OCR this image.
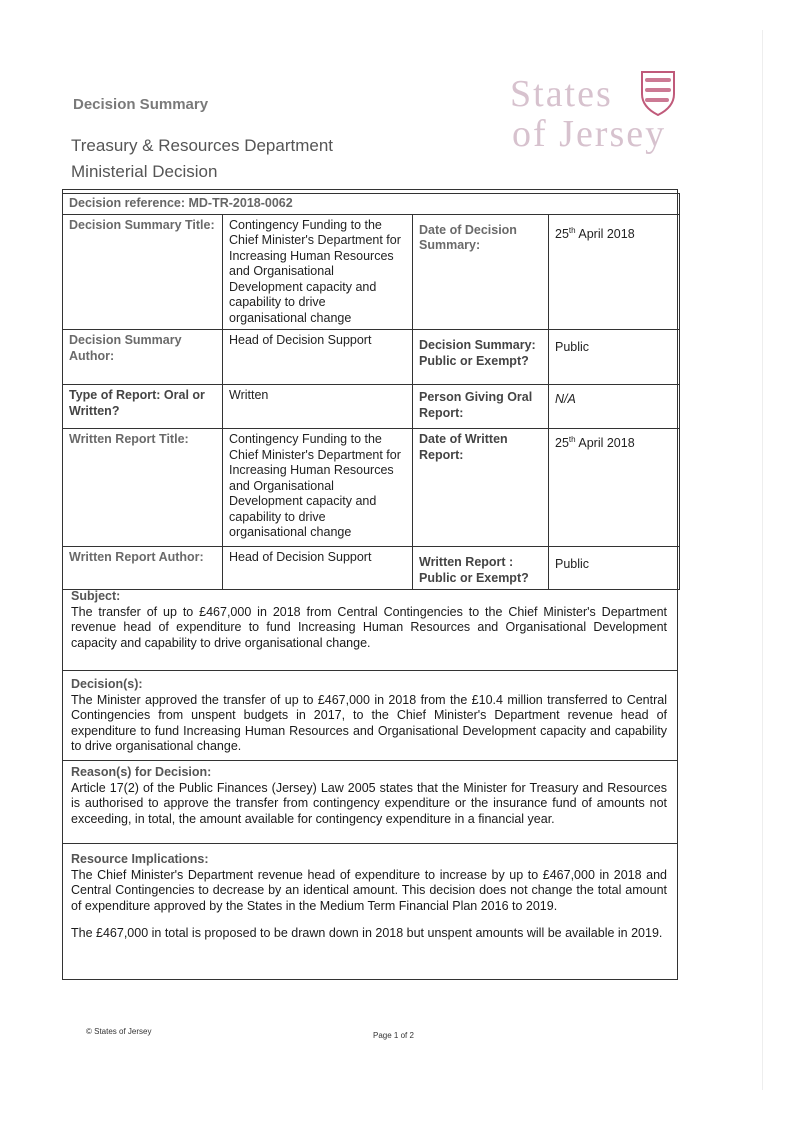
Decision Summary
Treasury & Resources Department
Ministerial Decision
States
of Jersey
Decision reference: MD-TR-2018-0062			
Decision Summary Title:	Contingency Funding to the Chief Minister's Department for Increasing Human Resources and Organisational Development capacity and capability to drive organisational change	Date of Decision Summary:	25th April 2018
Decision Summary Author:	Head of Decision Support	Decision Summary: Public or Exempt?	Public
Type of Report: Oral or Written?	Written	Person Giving Oral Report:	N/A
Written Report Title:	Contingency Funding to the Chief Minister's Department for Increasing Human Resources and Organisational Development capacity and capability to drive organisational change	Date of Written Report:	25th April 2018
Written Report Author:	Head of Decision Support	Written Report : Public or Exempt?	Public
Subject:

The transfer of up to £467,000 in 2018 from Central Contingencies to the Chief Minister's Department revenue head of expenditure to fund Increasing Human Resources and Organisational Development capacity and capability to drive organisational change.

Decision(s):

The Minister approved the transfer of up to £467,000 in 2018 from the £10.4 million transferred to Central Contingencies from unspent budgets in 2017, to the Chief Minister's Department revenue head of expenditure to fund Increasing Human Resources and Organisational Development capacity and capability to drive organisational change.

Reason(s) for Decision:

Article 17(2) of the Public Finances (Jersey) Law 2005 states that the Minister for Treasury and Resources is authorised to approve the transfer from contingency expenditure or the insurance fund of amounts not exceeding, in total, the amount available for contingency expenditure in a financial year.

Resource Implications:

The Chief Minister's Department revenue head of expenditure to increase by up to £467,000 in 2018 and Central Contingencies to decrease by an identical amount. This decision does not change the total amount of expenditure approved by the States in the Medium Term Financial Plan 2016 to 2019.

The £467,000 in total is proposed to be drawn down in 2018 but unspent amounts will be available in 2019.

© States of Jersey	Page 1 of 2
